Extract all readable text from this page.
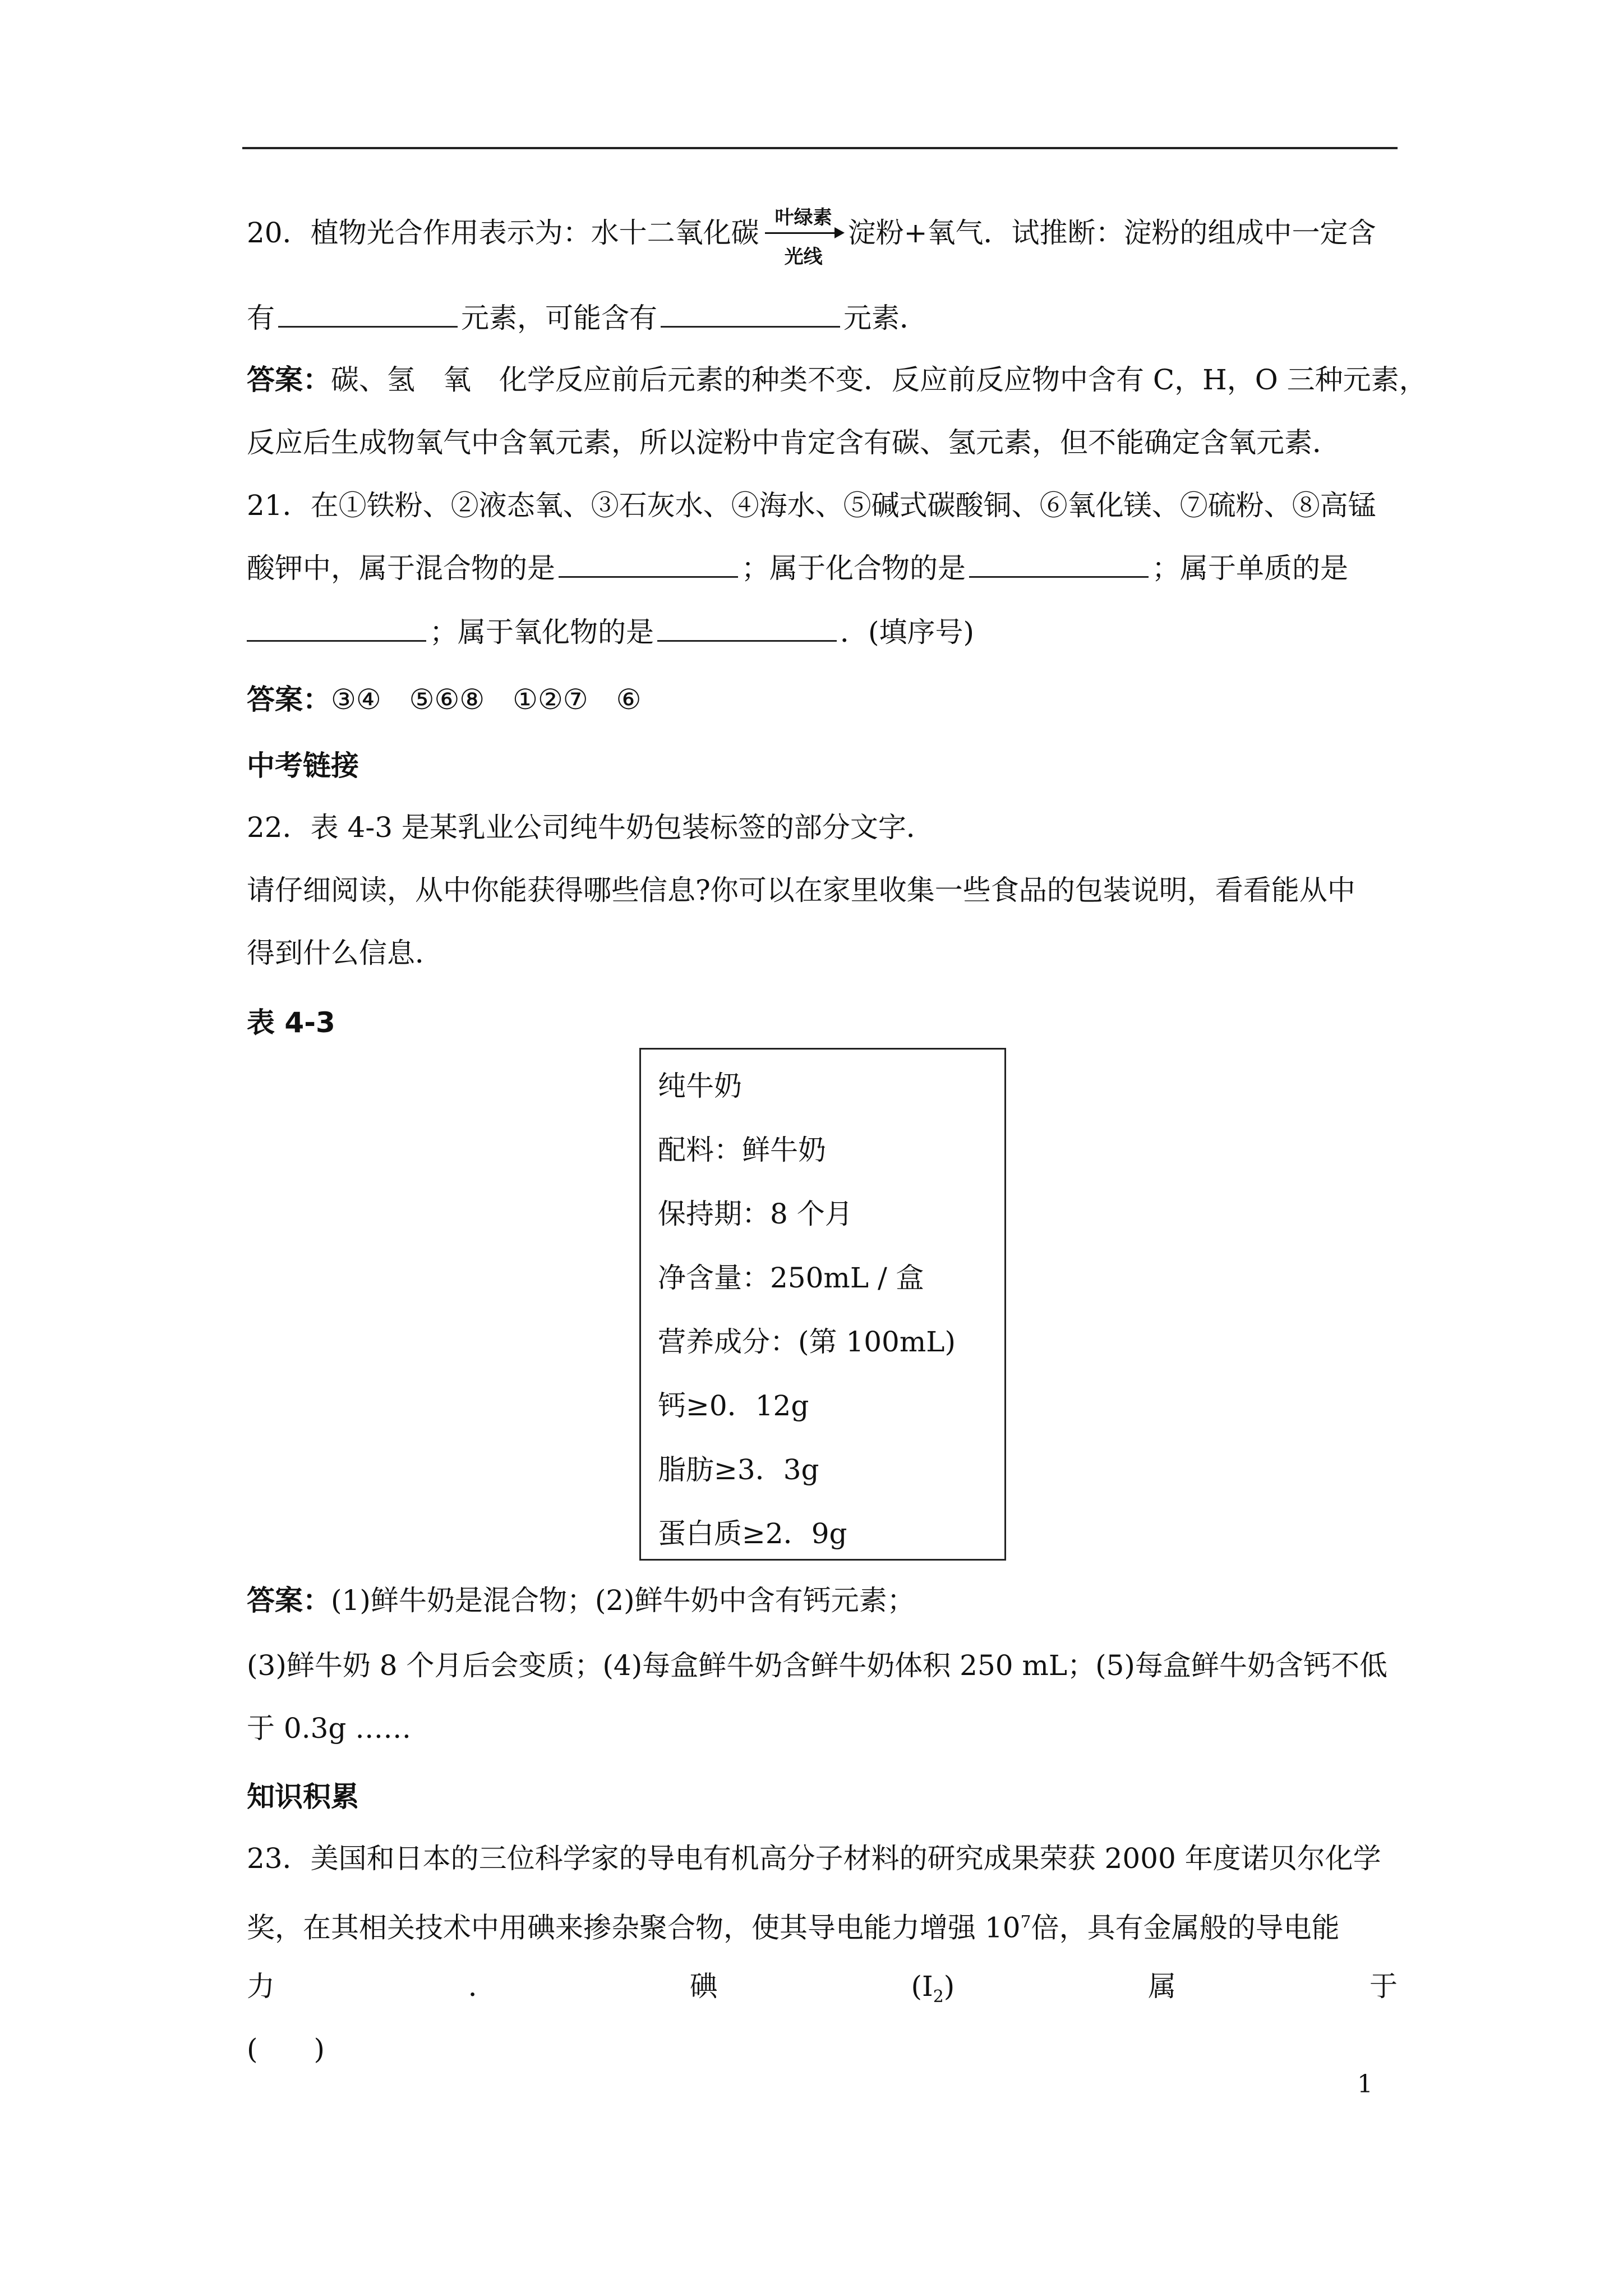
20．植物光合作用表示为：水十二氧化碳 叶绿素
光线
淀粉+氧气．试推断：淀粉的组成中一定含
有	元素，可能含有	元素．
答案：碳、氢　氧　化学反应前后元素的种类不变．反应前反应物中含有 C，H，O 三种元素，
反应后生成物氧气中含氧元素，所以淀粉中肯定含有碳、氢元素，但不能确定含氧元素．
21．在①铁粉、②液态氧、③石灰水、④海水、⑤碱式碳酸铜、⑥氧化镁、⑦硫粉、⑧高锰
酸钾中，属于混合物的是	；属于化合物的是	；属于单质的是
；属于氧化物的是	．(填序号)
答案：③④　⑤⑥⑧　①②⑦　⑥
中考链接
22．表 4-3 是某乳业公司纯牛奶包装标签的部分文字．
请仔细阅读，从中你能获得哪些信息?你可以在家里收集一些食品的包装说明，看看能从中
得到什么信息．
表 4-3
纯牛奶
配料：鲜牛奶
保持期：8 个月
净含量：250mL / 盒
营养成分：(第 100mL)
钙≥0．12g
脂肪≥3．3g
蛋白质≥2．9g
答案：(1)鲜牛奶是混合物；(2)鲜牛奶中含有钙元素；
(3)鲜牛奶 8 个月后会变质；(4)每盒鲜牛奶含鲜牛奶体积 250 mL；(5)每盒鲜牛奶含钙不低
于 0.3g ……
知识积累
23．美国和日本的三位科学家的导电有机高分子材料的研究成果荣获 2000 年度诺贝尔化学
奖，在其相关技术中用碘来掺杂聚合物，使其导电能力增强 $10^7$倍，具有金属般的导电能
力	．	碘	$(I_2)$	属	于
(　　)
1
